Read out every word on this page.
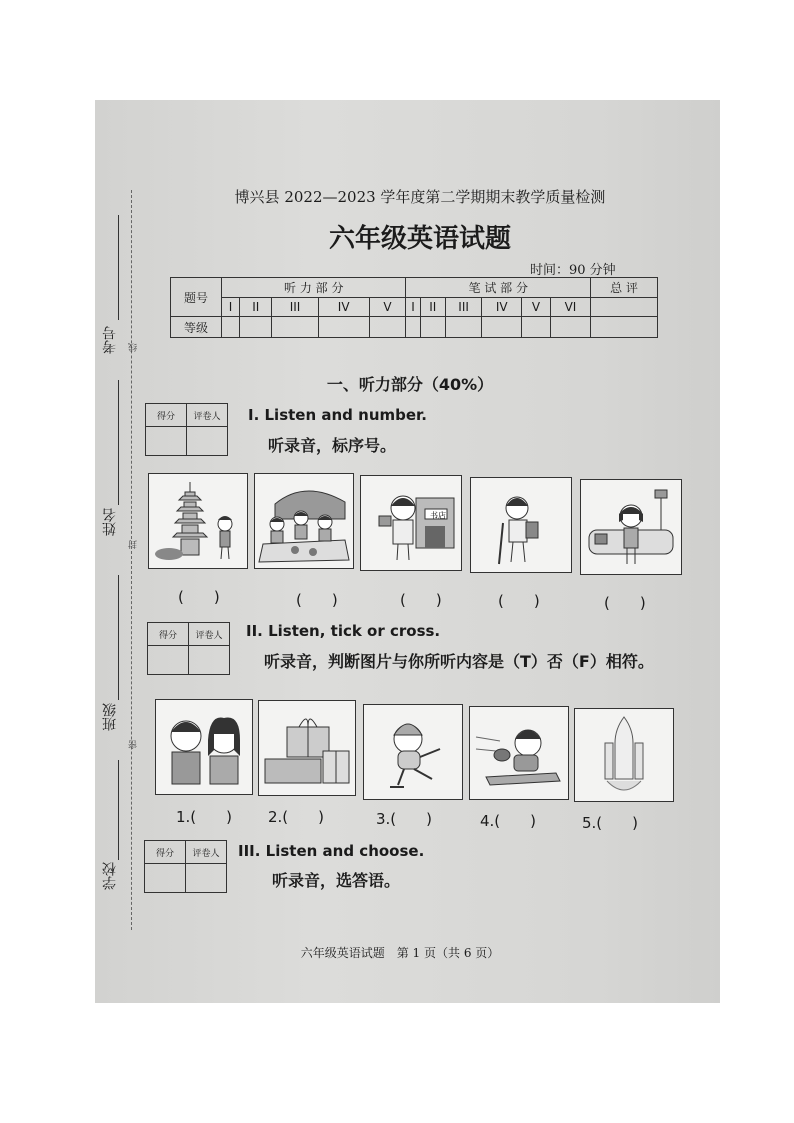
考号
姓名
班级
学校
线
封
密
博兴县 2022—2023 学年度第二学期期末教学质量检测
六年级英语试题
时间：90 分钟
题号	听 力 部 分					笔 试 部 分						总 评
	I	II	III	IV	V	I	II	III	IV	V	VI	
等级												
一、听力部分（40%）
得分	评卷人
	I. Listen and number.
听录音，标序号。
书店
(　　)	(　　)	(　　)	(　　)	(　　)
得分	评卷人
	II. Listen, tick or cross.
听录音，判断图片与你所听内容是（T）否（F）相符。
1.(　　) 2.(　　)	3.(　　)	4.(　　)	5.(　　)
得分	评卷人
	III. Listen and choose.
听录音，选答语。
六年级英语试题　第 1 页（共 6 页）
